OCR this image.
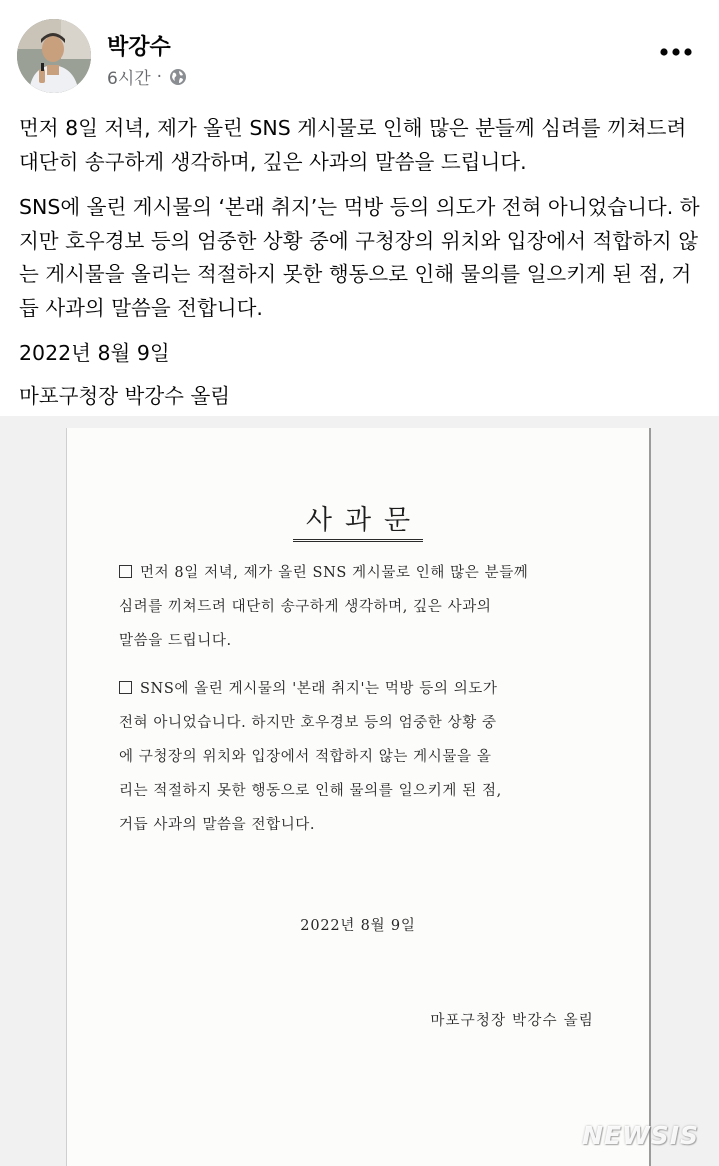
박강수
6시간 ·

먼저 8일 저녁, 제가 올린 SNS 게시물로 인해 많은 분들께 심려를 끼쳐드려 대단히 송구하게 생각하며, 깊은 사과의 말씀을 드립니다.

SNS에 올린 게시물의 ‘본래 취지’는 먹방 등의 의도가 전혀 아니었습니다. 하지만 호우경보 등의 엄중한 상황 중에 구청장의 위치와 입장에서 적합하지 않는 게시물을 올리는 적절하지 못한 행동으로 인해 물의를 일으키게 된 점, 거듭 사과의 말씀을 전합니다.

2022년 8월 9일

마포구청장 박강수 올림

사과문
먼저 8일 저녁, 제가 올린 SNS 게시물로 인해 많은 분들께
심려를 끼쳐드려 대단히 송구하게 생각하며, 깊은 사과의
말씀을 드립니다.
SNS에 올린 게시물의 '본래 취지'는 먹방 등의 의도가
전혀 아니었습니다. 하지만 호우경보 등의 엄중한 상황 중
에 구청장의 위치와 입장에서 적합하지 않는 게시물을 올
리는 적절하지 못한 행동으로 인해 물의를 일으키게 된 점,
거듭 사과의 말씀을 전합니다.
2022년 8월 9일
마포구청장 박강수 올림
NEWSIS
